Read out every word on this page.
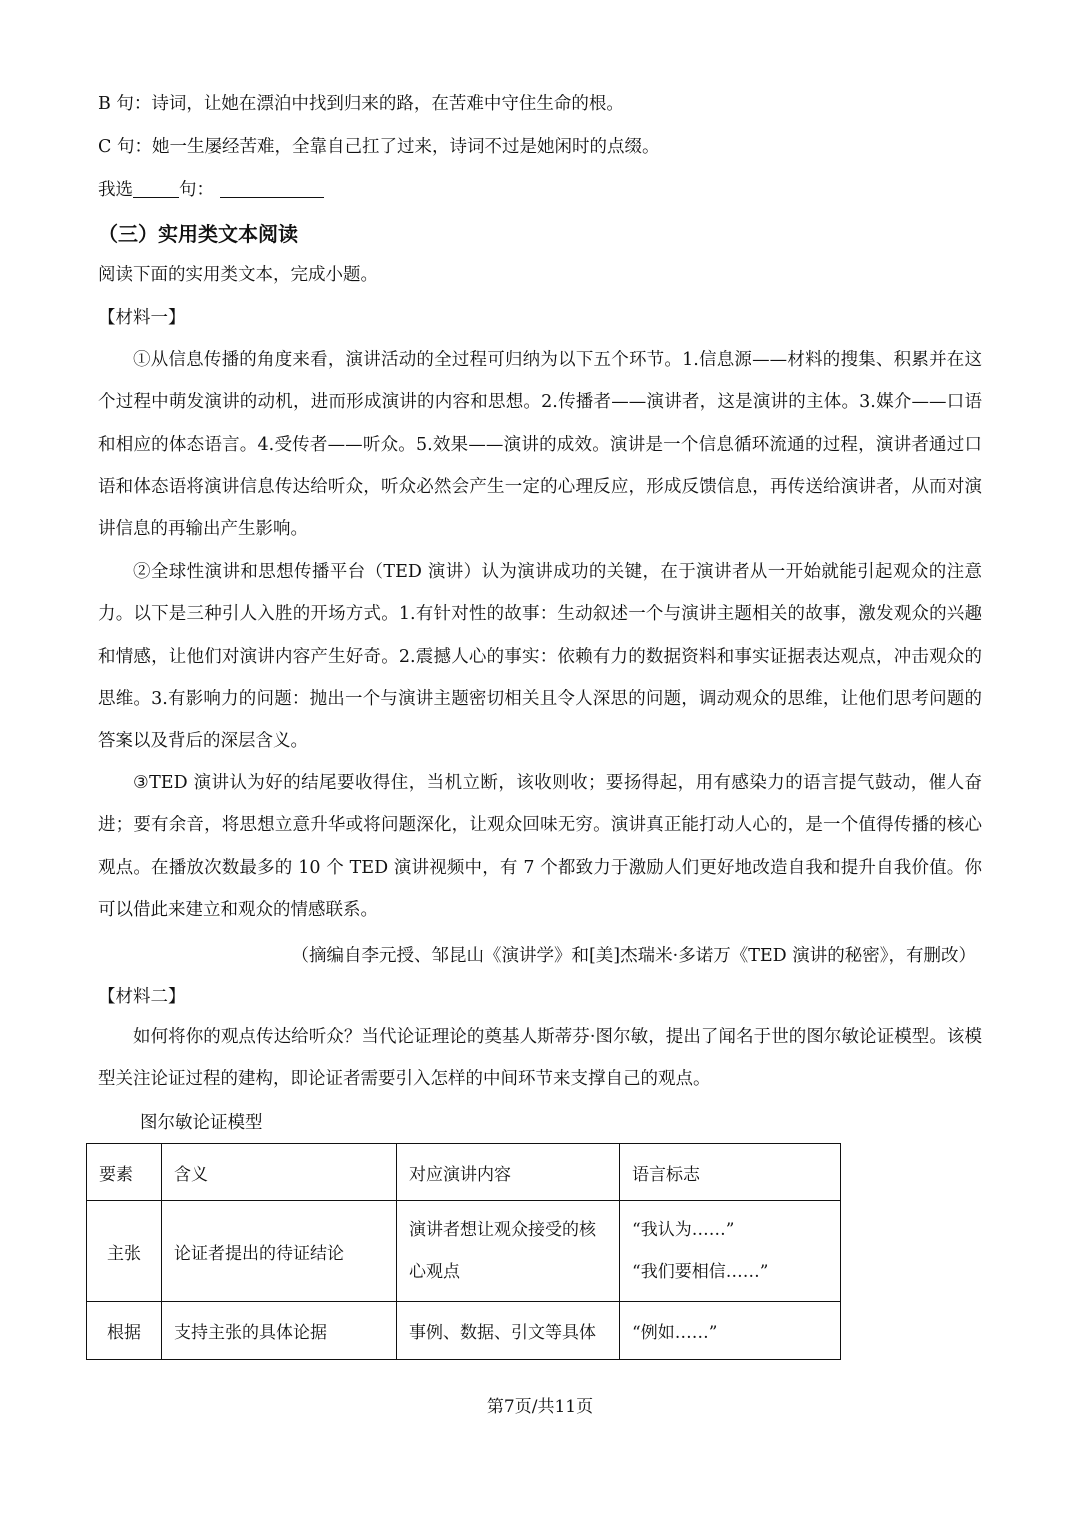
B 句：诗词，让她在漂泊中找到归来的路，在苦难中守住生命的根。
C 句：她一生屡经苦难，全靠自己扛了过来，诗词不过是她闲时的点缀。
我选	句：
（三）实用类文本阅读
阅读下面的实用类文本，完成小题。
【材料一】
①从信息传播的角度来看，演讲活动的全过程可归纳为以下五个环节。1.信息源——材料的搜集、积累并在这个过程中萌发演讲的动机，进而形成演讲的内容和思想。2.传播者——演讲者，这是演讲的主体。3.媒介——口语和相应的体态语言。4.受传者——听众。5.效果——演讲的成效。演讲是一个信息循环流通的过程，演讲者通过口语和体态语将演讲信息传达给听众，听众必然会产生一定的心理反应，形成反馈信息，再传送给演讲者，从而对演讲信息的再输出产生影响。
②全球性演讲和思想传播平台（TED 演讲）认为演讲成功的关键，在于演讲者从一开始就能引起观众的注意力。以下是三种引人入胜的开场方式。1.有针对性的故事：生动叙述一个与演讲主题相关的故事，激发观众的兴趣和情感，让他们对演讲内容产生好奇。2.震撼人心的事实：依赖有力的数据资料和事实证据表达观点，冲击观众的思维。3.有影响力的问题：抛出一个与演讲主题密切相关且令人深思的问题，调动观众的思维，让他们思考问题的答案以及背后的深层含义。
③TED 演讲认为好的结尾要收得住，当机立断，该收则收；要扬得起，用有感染力的语言提气鼓动，催人奋进；要有余音，将思想立意升华或将问题深化，让观众回味无穷。演讲真正能打动人心的，是一个值得传播的核心观点。在播放次数最多的 10 个 TED 演讲视频中，有 7 个都致力于激励人们更好地改造自我和提升自我价值。你可以借此来建立和观众的情感联系。
（摘编自李元授、邹昆山《演讲学》和[美]杰瑞米·多诺万《TED 演讲的秘密》，有删改）
【材料二】
如何将你的观点传达给听众？当代论证理论的奠基人斯蒂芬·图尔敏，提出了闻名于世的图尔敏论证模型。该模型关注论证过程的建构，即论证者需要引入怎样的中间环节来支撑自己的观点。
图尔敏论证模型
要素	含义	对应演讲内容	语言标志
主张	论证者提出的待证结论	演讲者想让观众接受的核心观点	“我认为……”
“我们要相信……”

根据	支持主张的具体论据	事例、数据、引文等具体	“例如……”
第7页/共11页
